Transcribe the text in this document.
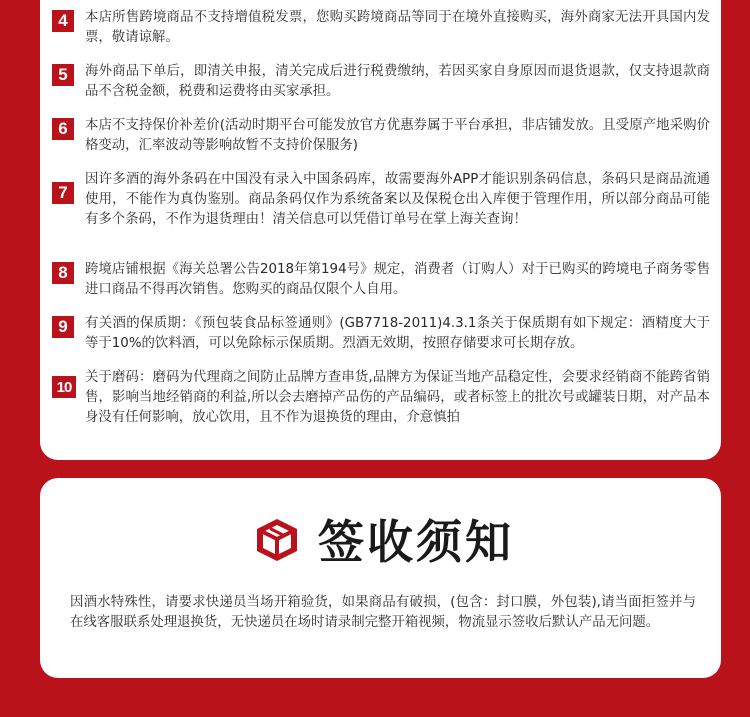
4	本店所售跨境商品不支持增值税发票，您购买跨境商品等同于在境外直接购买，海外商家无法开具国内发票，敬请谅解。

5	海外商品下单后，即清关申报，清关完成后进行税费缴纳，若因买家自身原因而退货退款，仅支持退款商品不含税金额，税费和运费将由买家承担。

6	本店不支持保价补差价(活动时期平台可能发放官方优惠券属于平台承担，非店铺发放。且受原产地采购价格变动，汇率波动等影响故暂不支持价保服务)

7

因许多酒的海外条码在中国没有录入中国条码库，故需要海外APP才能识别条码信息，条码只是商品流通使用，不能作为真伪鉴别。商品条码仅作为系统备案以及保税仓出入库便于管理作用，所以部分商品可能有多个条码，不作为退货理由！清关信息可以凭借订单号在掌上海关查询！

8	跨境店铺根据《海关总署公告2018年第194号》规定，消费者（订购人）对于已购买的跨境电子商务零售进口商品不得再次销售。您购买的商品仅限个人自用。

9	有关酒的保质期：《预包装食品标签通则》(GB7718-2011)4.3.1条关于保质期有如下规定：酒精度大于等于10%的饮料酒，可以免除标示保质期。烈酒无效期，按照存储要求可长期存放。

10

关于磨码：磨码为代理商之间防止品牌方查串货,品牌方为保证当地产品稳定性，会要求经销商不能跨省销售，影响当地经销商的利益,所以会去磨掉产品伤的产品编码，或者标签上的批次号或罐装日期，对产品本身没有任何影响，放心饮用，且不作为退换货的理由，介意慎拍

签收须知

因酒水特殊性，请要求快递员当场开箱验货，如果商品有破损，(包含：封口膜，外包装),请当面拒签并与在线客服联系处理退换货，无快递员在场时请录制完整开箱视频，物流显示签收后默认产品无问题。
